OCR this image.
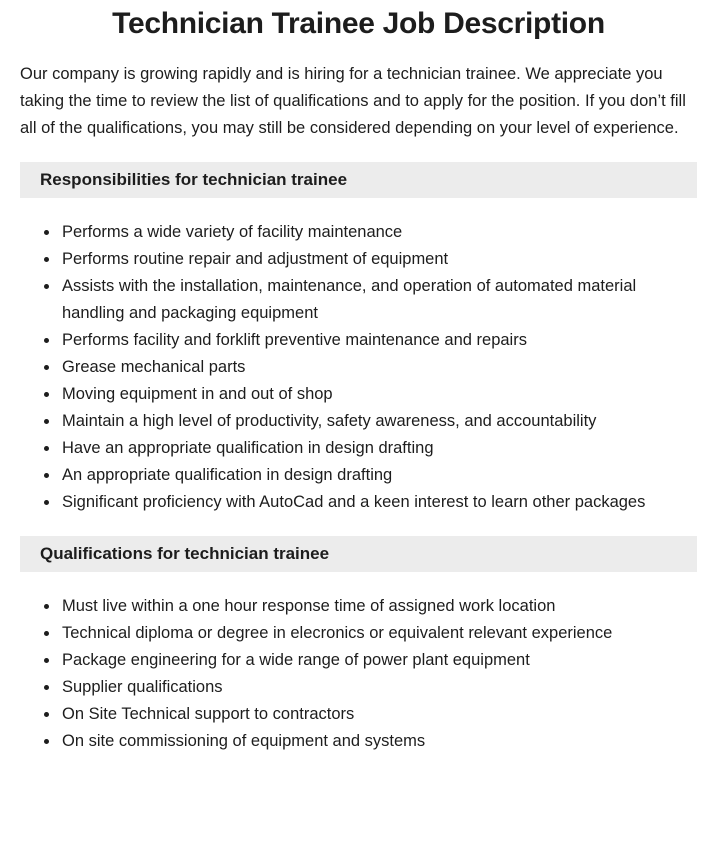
Technician Trainee Job Description

Our company is growing rapidly and is hiring for a technician trainee. We appreciate you taking the time to review the list of qualifications and to apply for the position. If you don’t fill all of the qualifications, you may still be considered depending on your level of experience.

Responsibilities for technician trainee
• Performs a wide variety of facility maintenance
• Performs routine repair and adjustment of equipment
• Assists with the installation, maintenance, and operation of automated material handling and packaging equipment
• Performs facility and forklift preventive maintenance and repairs
• Grease mechanical parts
• Moving equipment in and out of shop
• Maintain a high level of productivity, safety awareness, and accountability
• Have an appropriate qualification in design drafting
• An appropriate qualification in design drafting
• Significant proficiency with AutoCad and a keen interest to learn other packages
Qualifications for technician trainee
• Must live within a one hour response time of assigned work location
• Technical diploma or degree in elecronics or equivalent relevant experience
• Package engineering for a wide range of power plant equipment
• Supplier qualifications
• On Site Technical support to contractors
• On site commissioning of equipment and systems
